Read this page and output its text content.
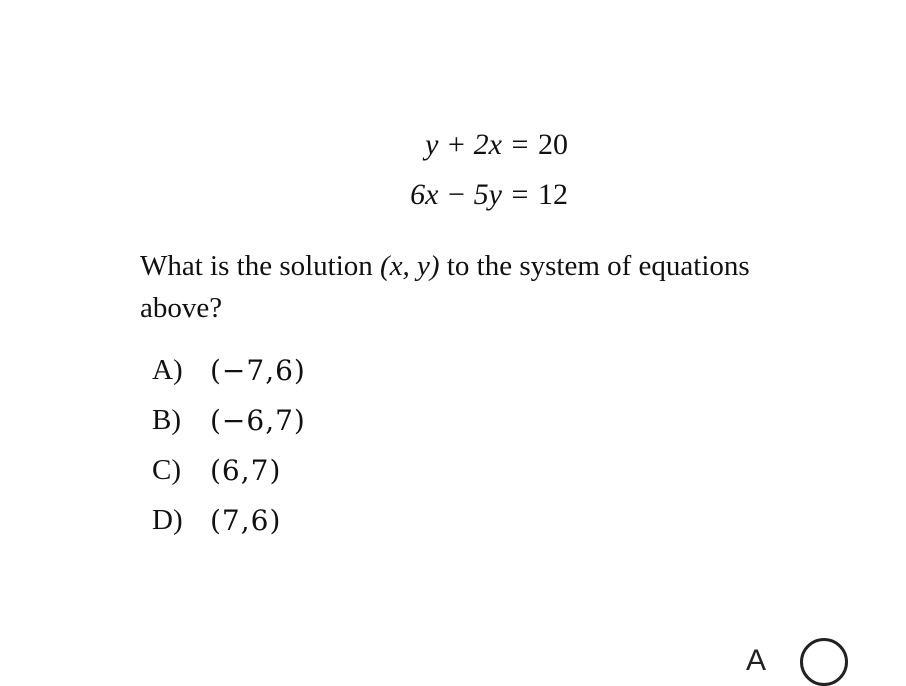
y + 2x = 20
6x − 5y = 12
What is the solution (x, y) to the system of equations above?
A) (−7,6)
B)	(−6,7)
C)	(6,7)
D) (7,6)
A
